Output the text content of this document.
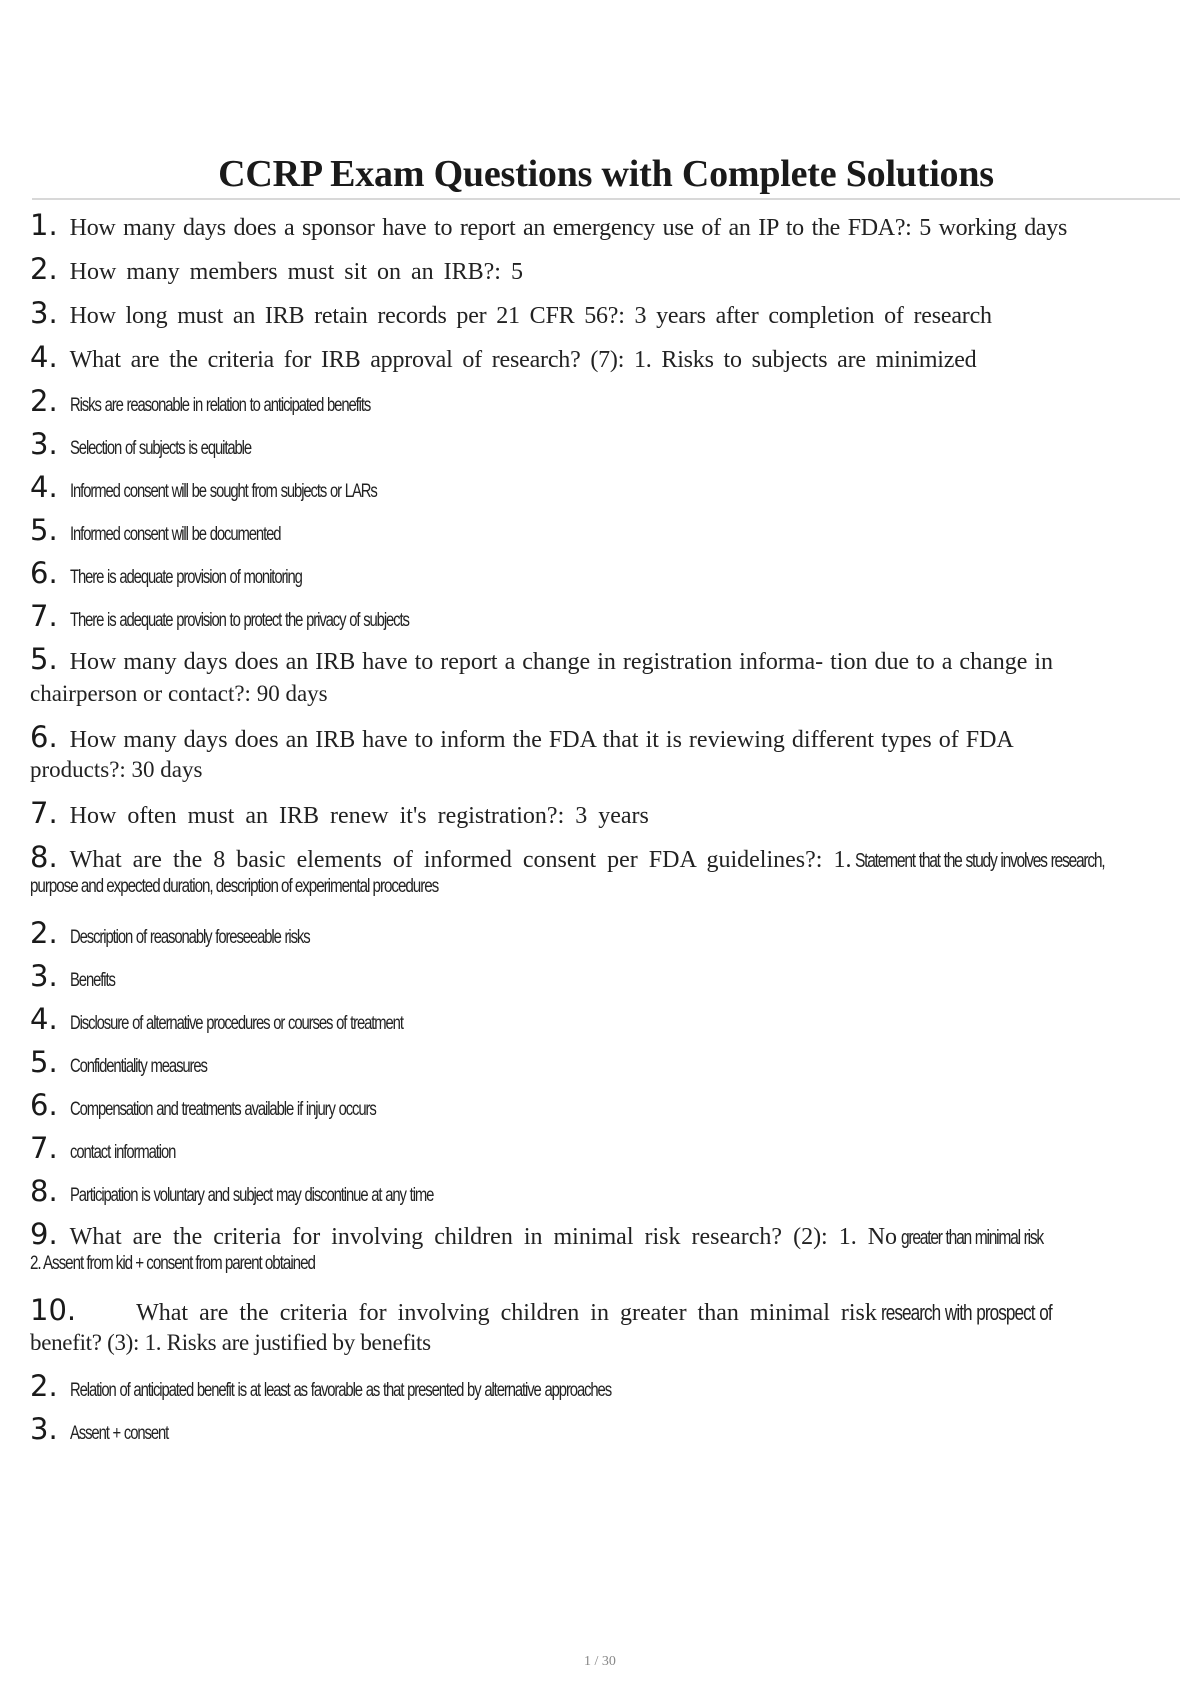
CCRP Exam Questions with Complete Solutions
1. How many days does a sponsor have to report an emergency use of an IP to the FDA?: 5 working days
2. How many members must sit on an IRB?: 5
3. How long must an IRB retain records per 21 CFR 56?: 3 years after completion of research
4. What are the criteria for IRB approval of research? (7): 1. Risks to subjects are minimized
2. Risks are reasonable in relation to anticipated benefits
3. Selection of subjects is equitable
4. Informed consent will be sought from subjects or LARs
5. Informed consent will be documented
6. There is adequate provision of monitoring
7. There is adequate provision to protect the privacy of subjects
5. How many days does an IRB have to report a change in registration informa- tion due to a change in
chairperson or contact?: 90 days
6. How many days does an IRB have to inform the FDA that it is reviewing different types of FDA
products?: 30 days
7. How often must an IRB renew it's registration?: 3 years
8. What are the 8 basic elements of informed consent per FDA guidelines?: 1. Statement that the study involves research,
purpose and expected duration, description of experimental procedures
2. Description of reasonably foreseeable risks
3. Benefits
4. Disclosure of alternative procedures or courses of treatment
5. Confidentiality measures
6. Compensation and treatments available if injury occurs
7. contact information
8. Participation is voluntary and subject may discontinue at any time
9. What are the criteria for involving children in minimal risk research? (2): 1. No greater than minimal risk
2. Assent from kid + consent from parent obtained
10.	What are the criteria for involving children in greater than minimal risk research with prospect of
benefit? (3): 1. Risks are justified by benefits
2. Relation of anticipated benefit is at least as favorable as that presented by alternative approaches
3. Assent + consent
1 / 30
